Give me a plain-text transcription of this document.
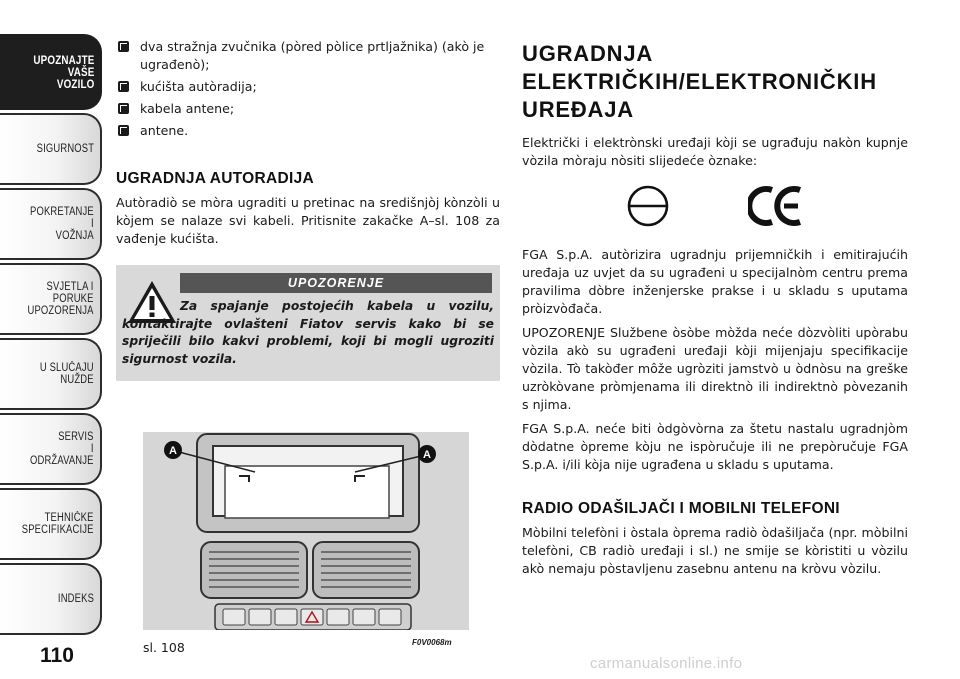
UPOZNAJTE
VAŠE
VOZILO
SIGURNOST
POKRETANJE
I
VOŽNJA
SVJETLA I
PORUKE
UPOZORENJA
U SLUČAJU
NUŽDE
SERVIS
I
ODRŽAVANJE
TEHNIČKE
SPECIFIKACIJE
INDEKS
110
dva stražnja zvučnika (pòred pòlice prtljažnika) (akò je ugrađenò);
kućišta autòradija;
kabela antene;
antene.
UGRADNJA AUTORADIJA

Autòradiò se mòra ugraditi u pretinac na središnjòj kònzòli u kòjem se nalaze svi kabeli. Pritisnite zakačke A–sl. 108 za vađenje kućišta.

UPOZORENJE

Za spajanje postojećih kabela u vozilu, kontaktirajte ovlašteni Fiatov servis kako bi se spriječili bilo kakvi problemi, koji bi mogli ugroziti sigurnost vozila.

A	A
sl. 108	F0V0068m
UGRADNJA
ELEKTRIČKIH/ELEKTRONIČKIH
UREĐAJA

Električki i elektrònski uređaji kòji se ugrađuju nakòn kupnje vòzila mòraju nòsiti slijedeće òznake:

FGA S.p.A. autòrizira ugradnju prijemničkih i emitirajućih uređaja uz uvjet da su ugrađeni u specijalnòm centru prema pravilima dòbre inženjerske prakse i u skladu s uputama pròizvòđača.

UPOZORENJE Službene òsòbe mòžda neće dòzvòliti upòrabu vòzila akò su ugrađeni uređaji kòji mijenjaju specifikacije vòzila. Tò takòđer môže ugròziti jamstvò u òdnòsu na greške uzròkòvane pròmjenama ili direktnò ili indirektnò pòvezanih s njima.

FGA S.p.A. neće biti òdgòvòrna za štetu nastalu ugradnjòm dòdatne òpreme kòju ne ispòručuje ili ne prepòručuje FGA S.p.A. i/ili kòja nije ugrađena u skladu s uputama.

RADIO ODAŠILJAČI I MOBILNI TELEFONI

Mòbilni telefòni i òstala òprema radiò òdašiljača (npr. mòbilni telefòni, CB radiò uređaji i sl.) ne smije se kòristiti u vòzilu akò nemaju pòstavljenu zasebnu antenu na kròvu vòzilu.

carmanualsonline.info
